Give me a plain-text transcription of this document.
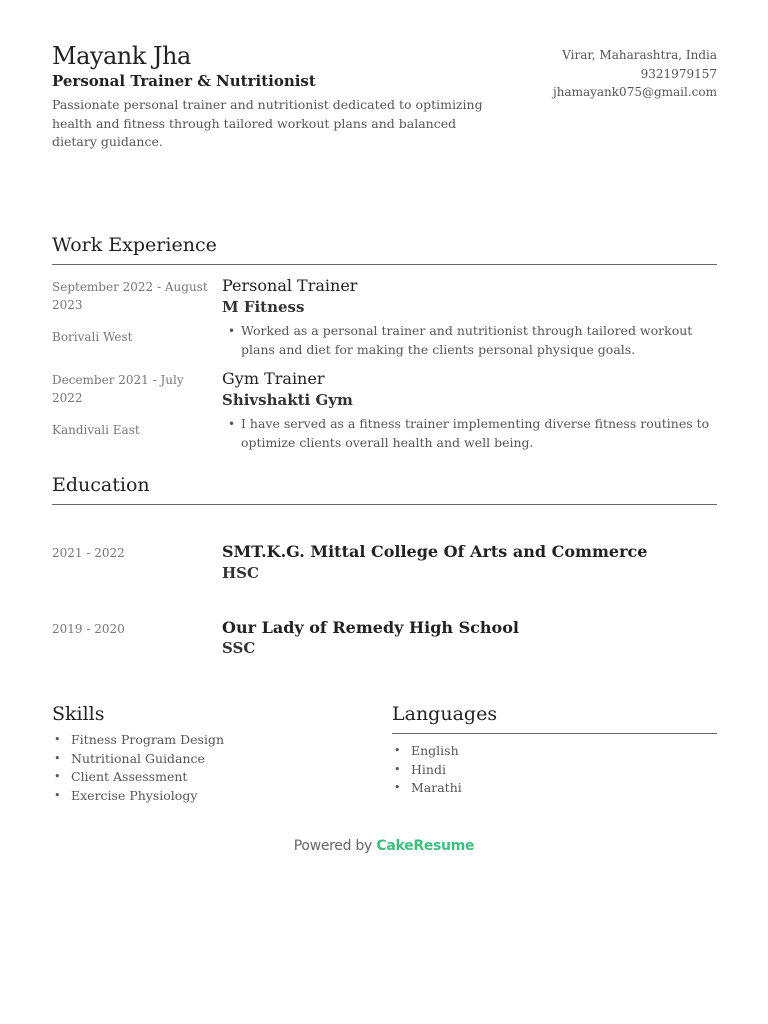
Mayank Jha
Personal Trainer & Nutritionist
Passionate personal trainer and nutritionist dedicated to optimizing health and fitness through tailored workout plans and balanced dietary guidance.
Virar, Maharashtra, India
9321979157
jhamayank075@gmail.com
Work Experience
September 2022 - August
2023
Borivali West
Personal Trainer
M Fitness
• Worked as a personal trainer and nutritionist through tailored workout plans and diet for making the clients personal physique goals.
December 2021 - July
2022
Kandivali East
Gym Trainer
Shivshakti Gym
• I have served as a fitness trainer implementing diverse fitness routines to optimize clients overall health and well being.
Education
2021 - 2022	SMT.K.G. Mittal College Of Arts and Commerce
HSC
2019 - 2020	Our Lady of Remedy High School
SSC
Skills
• Fitness Program Design
• Nutritional Guidance
• Client Assessment
• Exercise Physiology
Languages
• English
• Hindi
• Marathi
Powered by CakeResume
